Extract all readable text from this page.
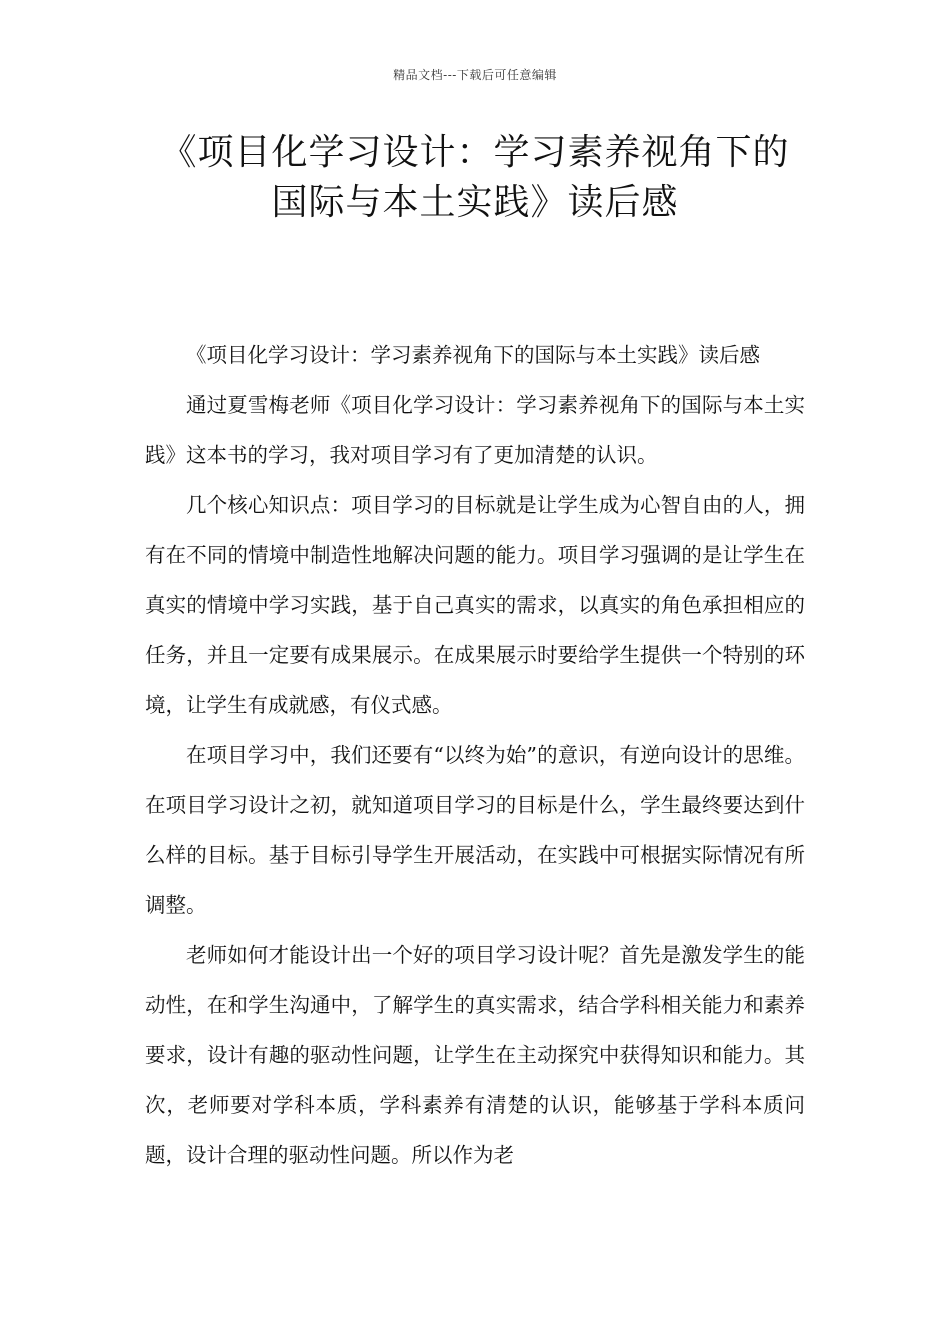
精品文档---下载后可任意编辑
《项目化学习设计：学习素养视角下的
国际与本土实践》读后感

《项目化学习设计：学习素养视角下的国际与本土实践》读后感

通过夏雪梅老师《项目化学习设计：学习素养视角下的国际与本土实践》这本书的学习，我对项目学习有了更加清楚的认识。

几个核心知识点：项目学习的目标就是让学生成为心智自由的人，拥有在不同的情境中制造性地解决问题的能力。项目学习强调的是让学生在真实的情境中学习实践，基于自己真实的需求，以真实的角色承担相应的任务，并且一定要有成果展示。在成果展示时要给学生提供一个特别的环境，让学生有成就感，有仪式感。

在项目学习中，我们还要有“以终为始”的意识，有逆向设计的思维。在项目学习设计之初，就知道项目学习的目标是什么，学生最终要达到什么样的目标。基于目标引导学生开展活动，在实践中可根据实际情况有所调整。

老师如何才能设计出一个好的项目学习设计呢？首先是激发学生的能动性，在和学生沟通中，了解学生的真实需求，结合学科相关能力和素养要求，设计有趣的驱动性问题，让学生在主动探究中获得知识和能力。其次，老师要对学科本质，学科素养有清楚的认识，能够基于学科本质问题，设计合理的驱动性问题。所以作为老
